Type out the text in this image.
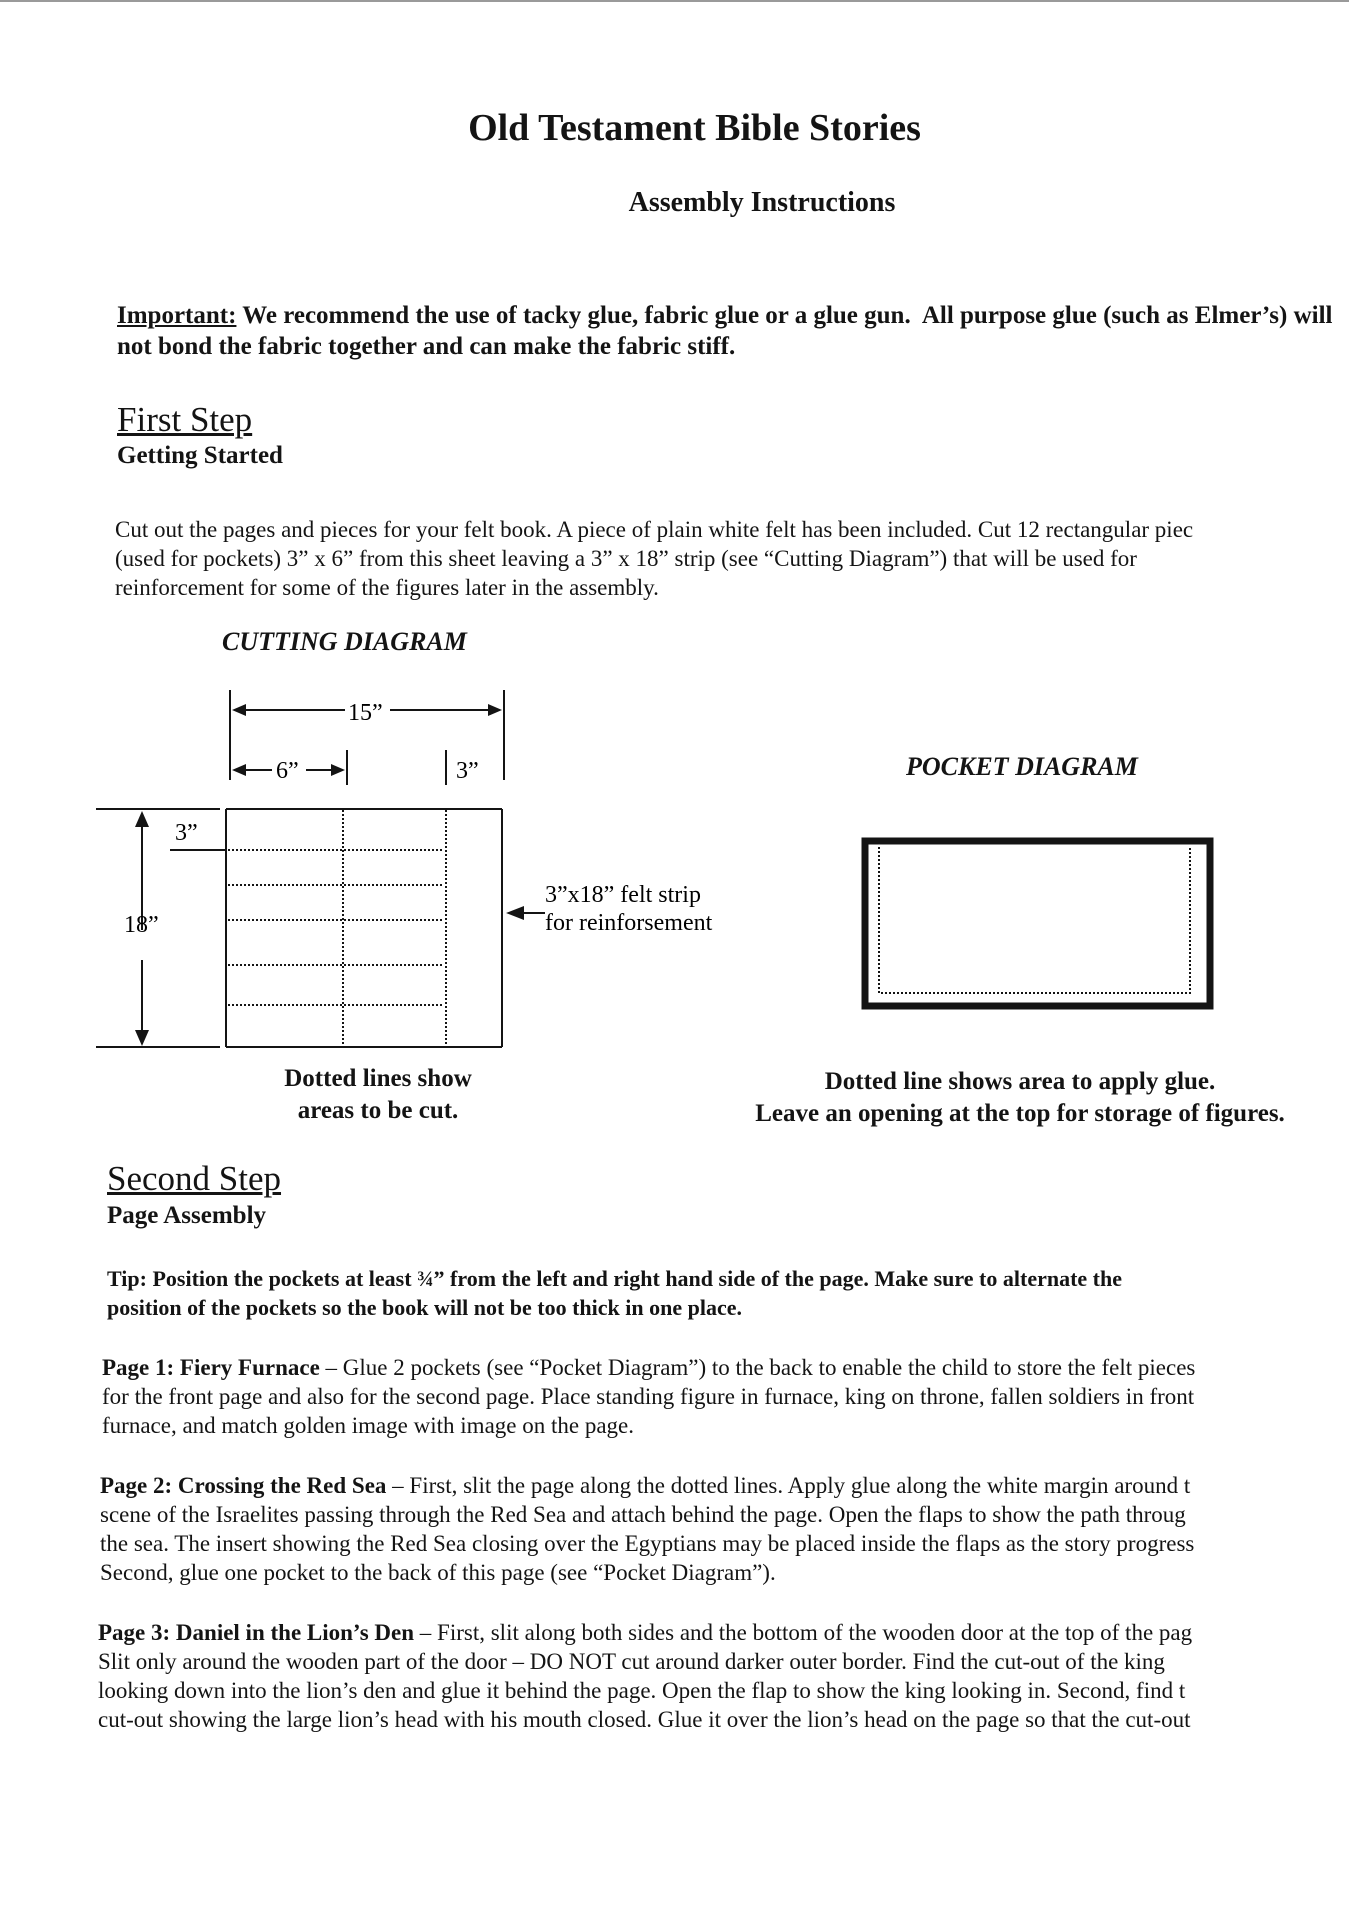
Old Testament Bible Stories
Assembly Instructions
Important: We recommend the use of tacky glue, fabric glue or a glue gun.  All purpose glue (such as Elmer’s) will not bond the fabric together and can make the fabric stiff.
First Step
Getting Started
Cut out the pages and pieces for your felt book. A piece of plain white felt has been included. Cut 12 rectangular piec
(used for pockets) 3” x 6” from this sheet leaving a 3” x 18” strip (see “Cutting Diagram”) that will be used for
reinforcement for some of the figures later in the assembly.
CUTTING DIAGRAM
15”
6”	3”
3”
18”
3”x18” felt strip
for reinforsement
Dotted lines show
areas to be cut.
POCKET DIAGRAM
Dotted line shows area to apply glue.
Leave an opening at the top for storage of figures.
Second Step
Page Assembly
Tip: Position the pockets at least ¾” from the left and right hand side of the page. Make sure to alternate the
position of the pockets so the book will not be too thick in one place.
Page 1: Fiery Furnace – Glue 2 pockets (see “Pocket Diagram”) to the back to enable the child to store the felt pieces
for the front page and also for the second page. Place standing figure in furnace, king on throne, fallen soldiers in front
furnace, and match golden image with image on the page.
Page 2: Crossing the Red Sea – First, slit the page along the dotted lines. Apply glue along the white margin around t
scene of the Israelites passing through the Red Sea and attach behind the page. Open the flaps to show the path throug
the sea. The insert showing the Red Sea closing over the Egyptians may be placed inside the flaps as the story progress
Second, glue one pocket to the back of this page (see “Pocket Diagram”).
Page 3: Daniel in the Lion’s Den – First, slit along both sides and the bottom of the wooden door at the top of the pag
Slit only around the wooden part of the door – DO NOT cut around darker outer border. Find the cut-out of the king
looking down into the lion’s den and glue it behind the page. Open the flap to show the king looking in. Second, find t
cut-out showing the large lion’s head with his mouth closed. Glue it over the lion’s head on the page so that the cut-out
